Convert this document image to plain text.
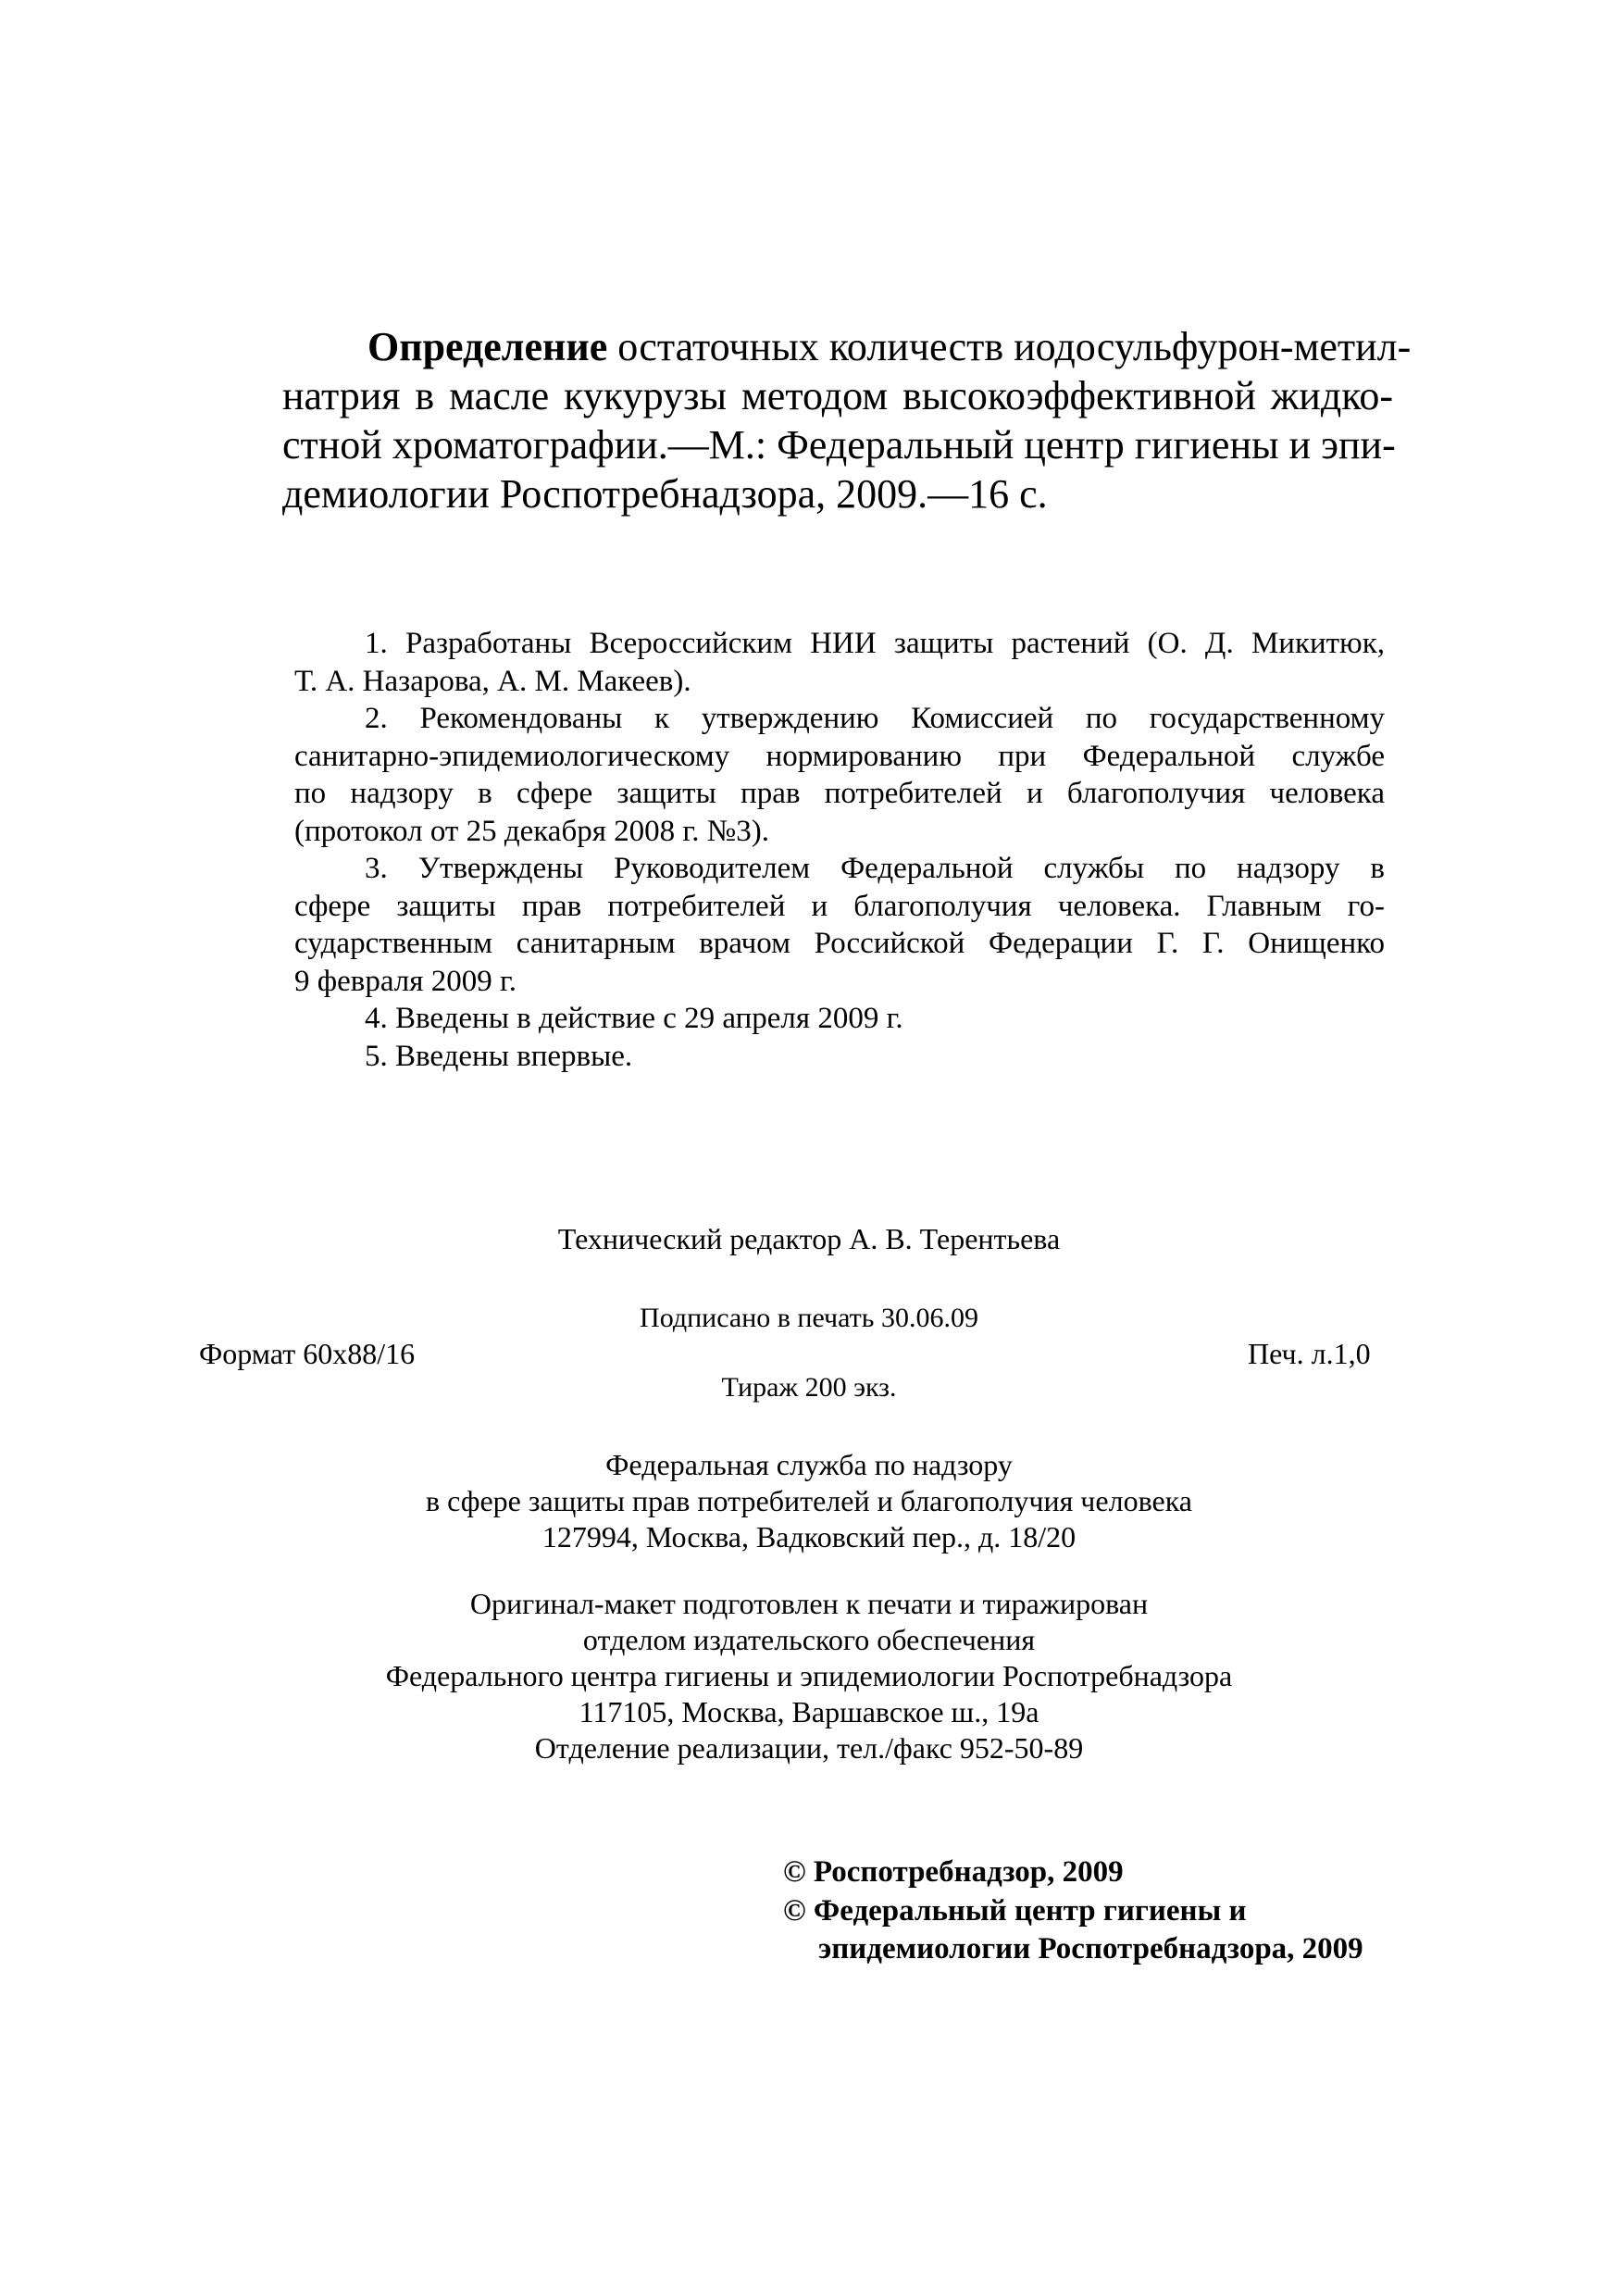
Определение остаточных количеств иодосульфурон-метил-
натрия в масле кукурузы методом высокоэффективной жидко-
стной хроматографии.—М.: Федеральный центр гигиены и эпи-
демиологии Роспотребнадзора, 2009.—16 с.
1. Разработаны Всероссийским НИИ защиты растений (О. Д. Микитюк,
Т. А. Назарова, А. М. Макеев).
2. Рекомендованы к утверждению Комиссией по государственному
санитарно-эпидемиологическому нормированию при Федеральной службе
по надзору в сфере защиты прав потребителей и благополучия человека
(протокол от 25 декабря 2008 г. №3).
3. Утверждены Руководителем Федеральной службы по надзору в
сфере защиты прав потребителей и благополучия человека. Главным го-
сударственным санитарным врачом Российской Федерации Г. Г. Онищенко
9 февраля 2009 г.
4. Введены в действие с 29 апреля 2009 г.
5. Введены впервые.
Технический редактор А. В. Терентьева
Подписано в печать 30.06.09
Формат 60x88/16	Печ. л.1,0
Тираж 200 экз.
Федеральная служба по надзору
в сфере защиты прав потребителей и благополучия человека
127994, Москва, Вадковский пер., д. 18/20
Оригинал-макет подготовлен к печати и тиражирован
отделом издательского обеспечения
Федерального центра гигиены и эпидемиологии Роспотребнадзора
117105, Москва, Варшавское ш., 19а
Отделение реализации, тел./факс 952-50-89
© Роспотребнадзор, 2009
© Федеральный центр гигиены и
эпидемиологии Роспотребнадзора, 2009
